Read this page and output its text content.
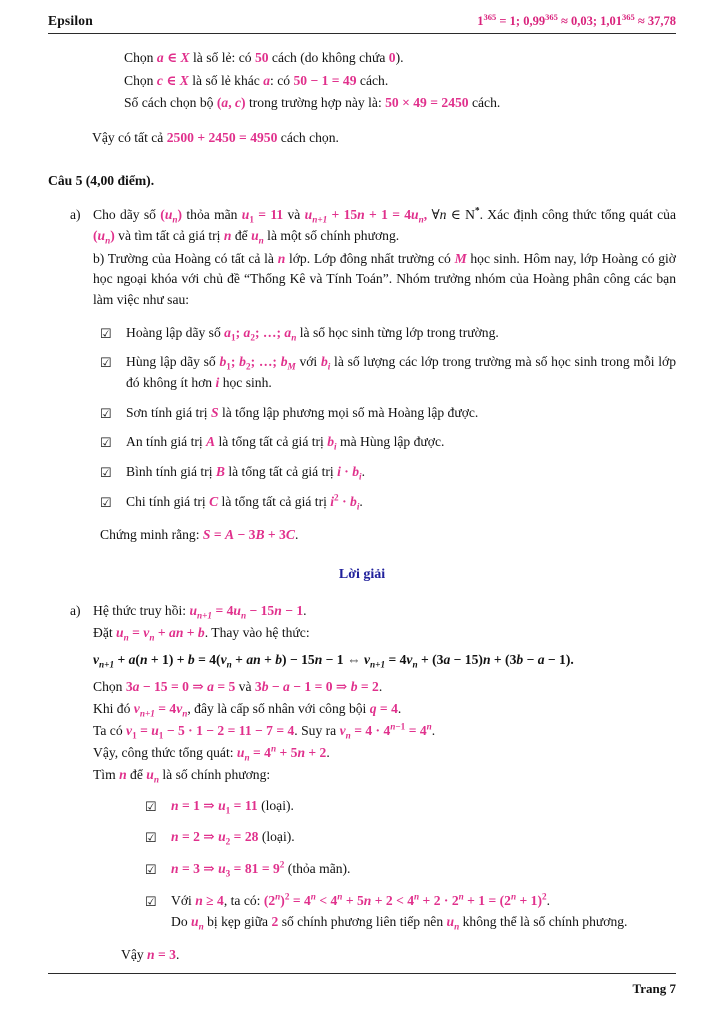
Epsilon	$1^{365} = 1$; $0,99^{365} \approx 0,03$; $1,01^{365} \approx 37,78$

Chọn a ∈ X là số lẻ: có 50 cách (do không chứa 0).

Chọn c ∈ X là số lẻ khác a: có 50 − 1 = 49 cách.

Số cách chọn bộ (a, c) trong trường hợp này là: 50 × 49 = 2450 cách.

Vậy có tất cả 2500 + 2450 = 4950 cách chọn.

Câu 5 (4,00 điểm).

a) Cho dãy số $(u_n)$ thỏa mãn $u_1 = 11$ và $u_{n+1} + 15n + 1 = 4u_n$, ∀n ∈ N*. Xác định công thức tổng quát của $(u_n)$ và tìm tất cả giá trị n để $u_n$ là một số chính phương.

b) Trường của Hoàng có tất cả là n lớp. Lớp đông nhất trường có M học sinh. Hôm nay, lớp Hoàng có giờ học ngoại khóa với chủ đề “Thống Kê và Tính Toán”. Nhóm trưởng nhóm của Hoàng phân công các bạn làm việc như sau:

☑ Hoàng lập dãy số $a_1$; $a_2$; …; $a_n$ là số học sinh từng lớp trong trường.
☑ Hùng lập dãy số $b_1$; $b_2$; …; $b_M$ với $b_i$ là số lượng các lớp trong trường mà số học sinh trong mỗi lớp đó không ít hơn i học sinh.
☑ Sơn tính giá trị S là tổng lập phương mọi số mà Hoàng lập được.
☑ An tính giá trị A là tổng tất cả giá trị $b_i$ mà Hùng lập được.
☑ Bình tính giá trị B là tổng tất cả giá trị $i \cdot b_i$.
☑ Chi tính giá trị C là tổng tất cả giá trị $i^2 \cdot b_i$.

Chứng minh rằng: S = A − 3B + 3C.

Lời giải

a) Hệ thức truy hồi: $u_{n+1} = 4u_n - 15n - 1$.

Đặt $u_n = v_n$ + an + b. Thay vào hệ thức:

$v_{n+1} + a(n + 1) + b = 4(v_n$ + an + b) − 15n − 1 ⇔ $v_{n+1} = 4v_n + (3a - 15)n + (3b - a - 1)$.

Chọn 3a − 15 = 0 ⇒ a = 5 và 3b − a − 1 = 0 ⇒ b = 2.

Khi đó $v_{n+1} = 4v_n$, đây là cấp số nhân với công bội q = 4.

Ta có $v_1 = u_1 - 5 \cdot 1 - 2 = 11 - 7 = 4$. Suy ra $v_n = 4 \cdot 4^{n-1} = 4^n$.

Vậy, công thức tổng quát: $u_n = 4^n + 5n + 2$.

Tìm n để $u_n$ là số chính phương:

☑ n = 1 ⇒ $u_1 = 11$ (loại).
☑ n = 2 ⇒ $u_2 = 28$ (loại).
☑ n = 3 ⇒ $u_3 = 81 = 9^2$ (thỏa mãn).
☑ Với n ≥ 4, ta có: $(2^n)^2 = 4^n < 4^n + 5n + 2 < 4^n + 2 \cdot 2^n + 1 = (2^n + 1)^2$.
Do $u_n$ bị kẹp giữa 2 số chính phương liên tiếp nên $u_n$ không thể là số chính phương.

Vậy n = 3.

Trang 7
